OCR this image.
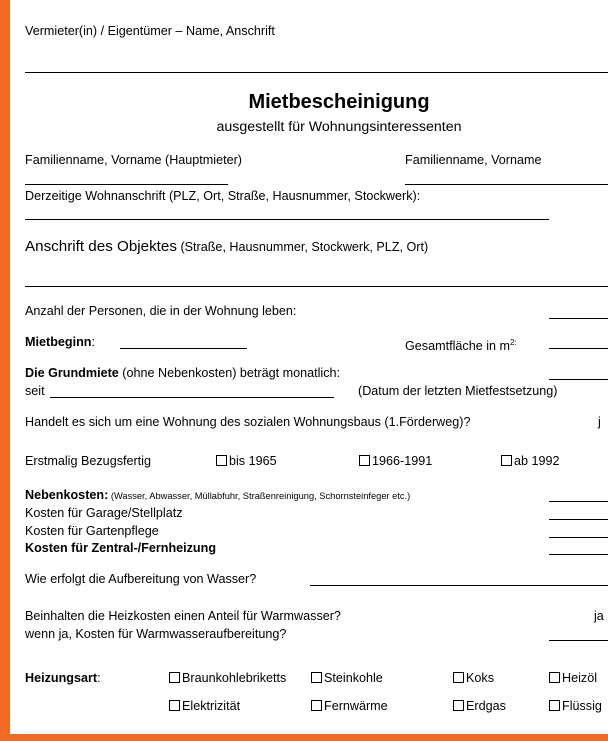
Vermieter(in) / Eigentümer – Name, Anschrift
Mietbescheinigung
ausgestellt für Wohnungsinteressenten
Familienname, Vorname (Hauptmieter)	Familienname, Vorname
Derzeitige Wohnanschrift (PLZ, Ort, Straße, Hausnummer, Stockwerk):
Anschrift des Objektes (Straße, Hausnummer, Stockwerk, PLZ, Ort)
Anzahl der Personen, die in der Wohnung leben:
Mietbeginn:	Gesamtfläche in $m^{2:}$
Die Grundmiete (ohne Nebenkosten) beträgt monatlich:
seit	(Datum der letzten Mietfestsetzung)
Handelt es sich um eine Wohnung des sozialen Wohnungsbaus (1.Förderweg)?	j
Erstmalig Bezugsfertig	bis 1965	1966-1991	ab 1992
Nebenkosten: (Wasser, Abwasser, Müllabfuhr, Straßenreinigung, Schornsteinfeger etc.)
Kosten für Garage/Stellplatz
Kosten für Gartenpflege
Kosten für Zentral-/Fernheizung
Wie erfolgt die Aufbereitung von Wasser?
Beinhalten die Heizkosten einen Anteil für Warmwasser?	ja
wenn ja, Kosten für Warmwasseraufbereitung?
Heizungsart:	Braunkohlebriketts	Steinkohle	Koks	Heizöl
Elektrizität	Fernwärme	Erdgas	Flüssig
